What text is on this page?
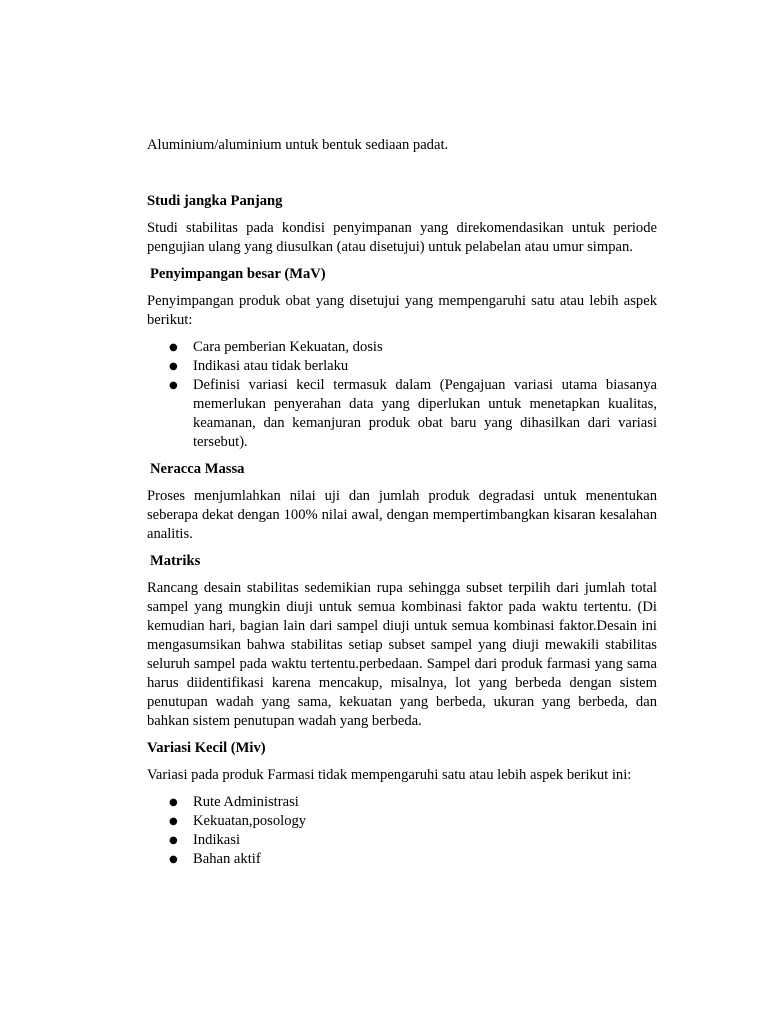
Aluminium/aluminium untuk bentuk sediaan padat.

Studi jangka Panjang

Studi stabilitas pada kondisi penyimpanan yang direkomendasikan untuk periode pengujian ulang yang diusulkan (atau disetujui) untuk pelabelan atau umur simpan.

Penyimpangan besar (MaV)

Penyimpangan produk obat yang disetujui yang mempengaruhi satu atau lebih aspek berikut:

● Cara pemberian Kekuatan, dosis
● Indikasi atau tidak berlaku
● Definisi variasi kecil termasuk dalam (Pengajuan variasi utama biasanya memerlukan penyerahan data yang diperlukan untuk menetapkan kualitas, keamanan, dan kemanjuran produk obat baru yang dihasilkan dari variasi tersebut).
Neracca Massa

Proses menjumlahkan nilai uji dan jumlah produk degradasi untuk menentukan seberapa dekat dengan 100% nilai awal, dengan mempertimbangkan kisaran kesalahan analitis.

Matriks

Rancang desain stabilitas sedemikian rupa sehingga subset terpilih dari jumlah total sampel yang mungkin diuji untuk semua kombinasi faktor pada waktu tertentu. (Di kemudian hari, bagian lain dari sampel diuji untuk semua kombinasi faktor.Desain ini mengasumsikan bahwa stabilitas setiap subset sampel yang diuji mewakili stabilitas seluruh sampel pada waktu tertentu.perbedaan. Sampel dari produk farmasi yang sama harus diidentifikasi karena mencakup, misalnya, lot yang berbeda dengan sistem penutupan wadah yang sama, kekuatan yang berbeda, ukuran yang berbeda, dan bahkan sistem penutupan wadah yang berbeda.

Variasi Kecil (Miv)

Variasi pada produk Farmasi tidak mempengaruhi satu atau lebih aspek berikut ini:

● Rute Administrasi
● Kekuatan,posology
● Indikasi
● Bahan aktif
